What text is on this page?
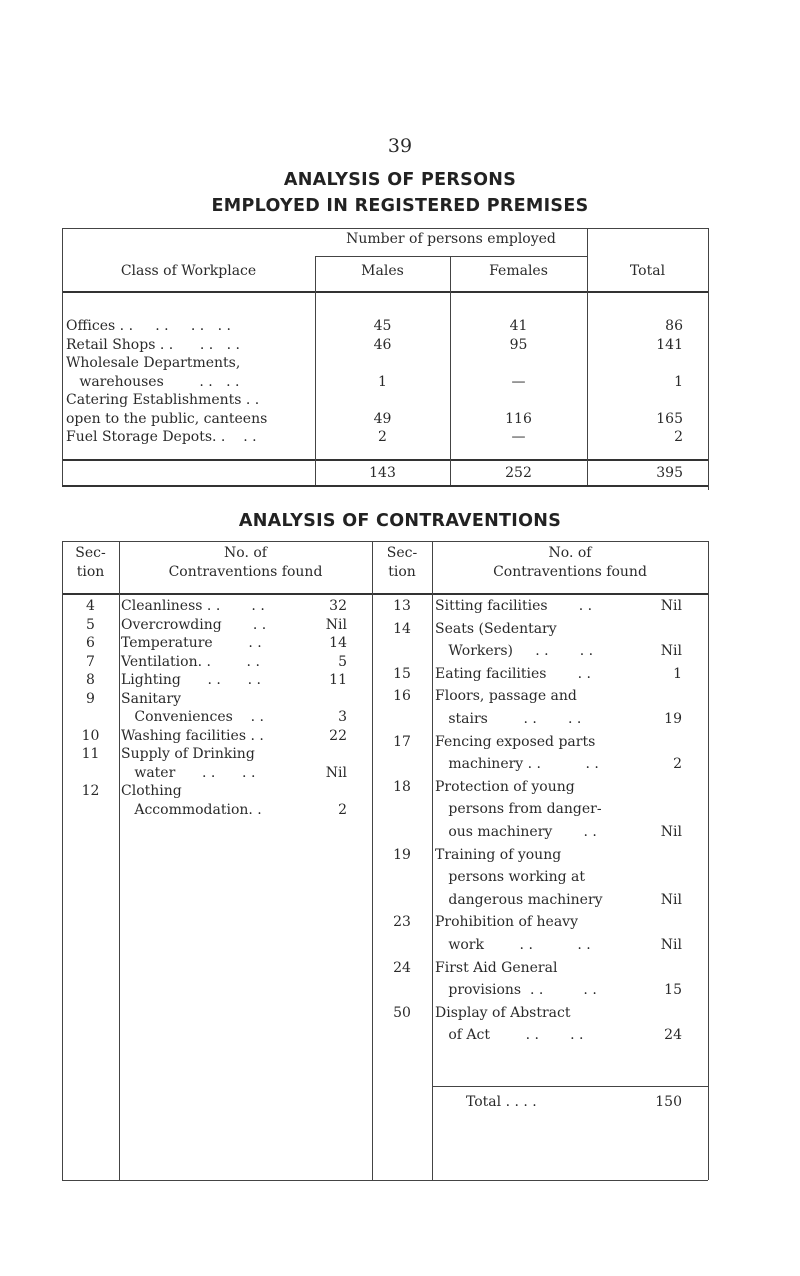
39
ANALYSIS OF PERSONS
EMPLOYED IN REGISTERED PREMISES
Number of persons employed
Class of Workplace	Males	Females	Total
Offices . .     . .     . .   . .	45	41	86
Retail Shops . .      . .   . .	46	95	141
Wholesale Departments,
warehouses        . .   . .	1	—	1
Catering Establishments . .
open to the public, canteens	49	116	165
Fuel Storage Depots. .    . .	2	—	2
143	252	395
ANALYSIS OF CONTRAVENTIONS
Sec-
tion
No. of
Contraventions found
Sec-
tion
No. of
Contraventions found
4	Cleanliness . .       . .	32
5	Overcrowding       . .	Nil
6	Temperature        . .	14
7	Ventilation. .        . .	5
8	Lighting      . .      . .	11
9	Sanitary
Conveniences    . .	3
10	Washing facilities . .	22
11	Supply of Drinking
water      . .      . .	Nil
12	Clothing
Accommodation. .	2
13	Sitting facilities       . .	Nil
14	Seats (Sedentary
Workers)     . .       . .	Nil
15	Eating facilities       . .	1
16	Floors, passage and
stairs        . .       . .	19
17	Fencing exposed parts
machinery . .          . .	2
18	Protection of young
persons from danger-
ous machinery       . .	Nil
19	Training of young
persons working at
dangerous machinery	Nil
23	Prohibition of heavy
work        . .          . .	Nil
24	First Aid General
provisions  . .         . .	15
50	Display of Abstract
of Act        . .       . .	24
Total . . . .	150
